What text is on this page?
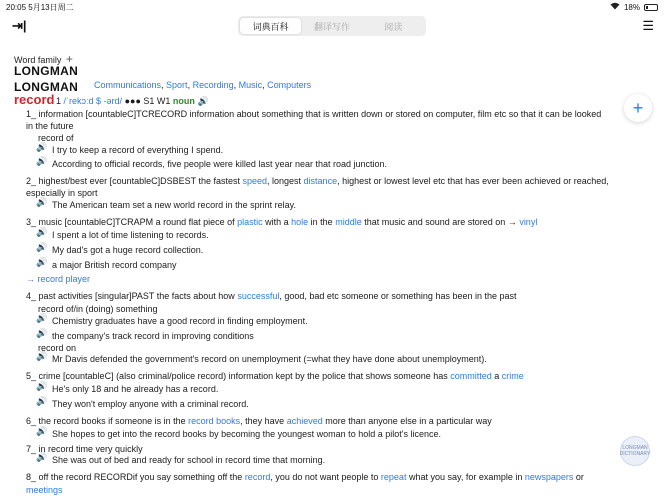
20:05 5月13日周二	18%
⇥|	词典百科	翻译写作	阅读	☰
Word family +
LONGMAN
LONGMAN Communications, Sport, Recording, Music, Computers
record 1 /ˈrekɔːd $ -ərd/ ●●● S1 W1 noun 🔊	+
1_ information [countableC]TCRECORD information about something that is written down or stored on computer, film etc so that it can be looked
in the future
record of
🔊 I try to keep a record of everything I spend.
🔊 According to official records, five people were killed last year near that road junction.
2_ highest/best ever [countableC]DSBEST the fastest speed, longest distance, highest or lowest level etc that has ever been achieved or reached,
especially in sport
🔊 The American team set a new world record in the sprint relay.
3_ music [countableC]TCRAPM a round flat piece of plastic with a hole in the middle that music and sound are stored on → vinyl
🔊 I spent a lot of time listening to records.
🔊 My dad's got a huge record collection.
🔊 a major British record company
→ record player
4_ past activities [singular]PAST the facts about how successful, good, bad etc someone or something has been in the past
record of/in (doing) something
🔊 Chemistry graduates have a good record in finding employment.
🔊 the company's track record in improving conditions
record on
🔊 Mr Davis defended the government's record on unemployment (=what they have done about unemployment).
5_ crime [countableC] (also criminal/police record) information kept by the police that shows someone has committed a crime
🔊 He's only 18 and he already has a record.
🔊 They won't employ anyone with a criminal record.
6_ the record books if someone is in the record books, they have achieved more than anyone else in a particular way
🔊 She hopes to get into the record books by becoming the youngest woman to hold a pilot's licence.
7_ in record time very quickly
🔊 She was out of bed and ready for school in record time that morning.
8_ off the record RECORDif you say something off the record, you do not want people to repeat what you say, for example in newspapers or
meetings
LONGMAN DICTIONARY
